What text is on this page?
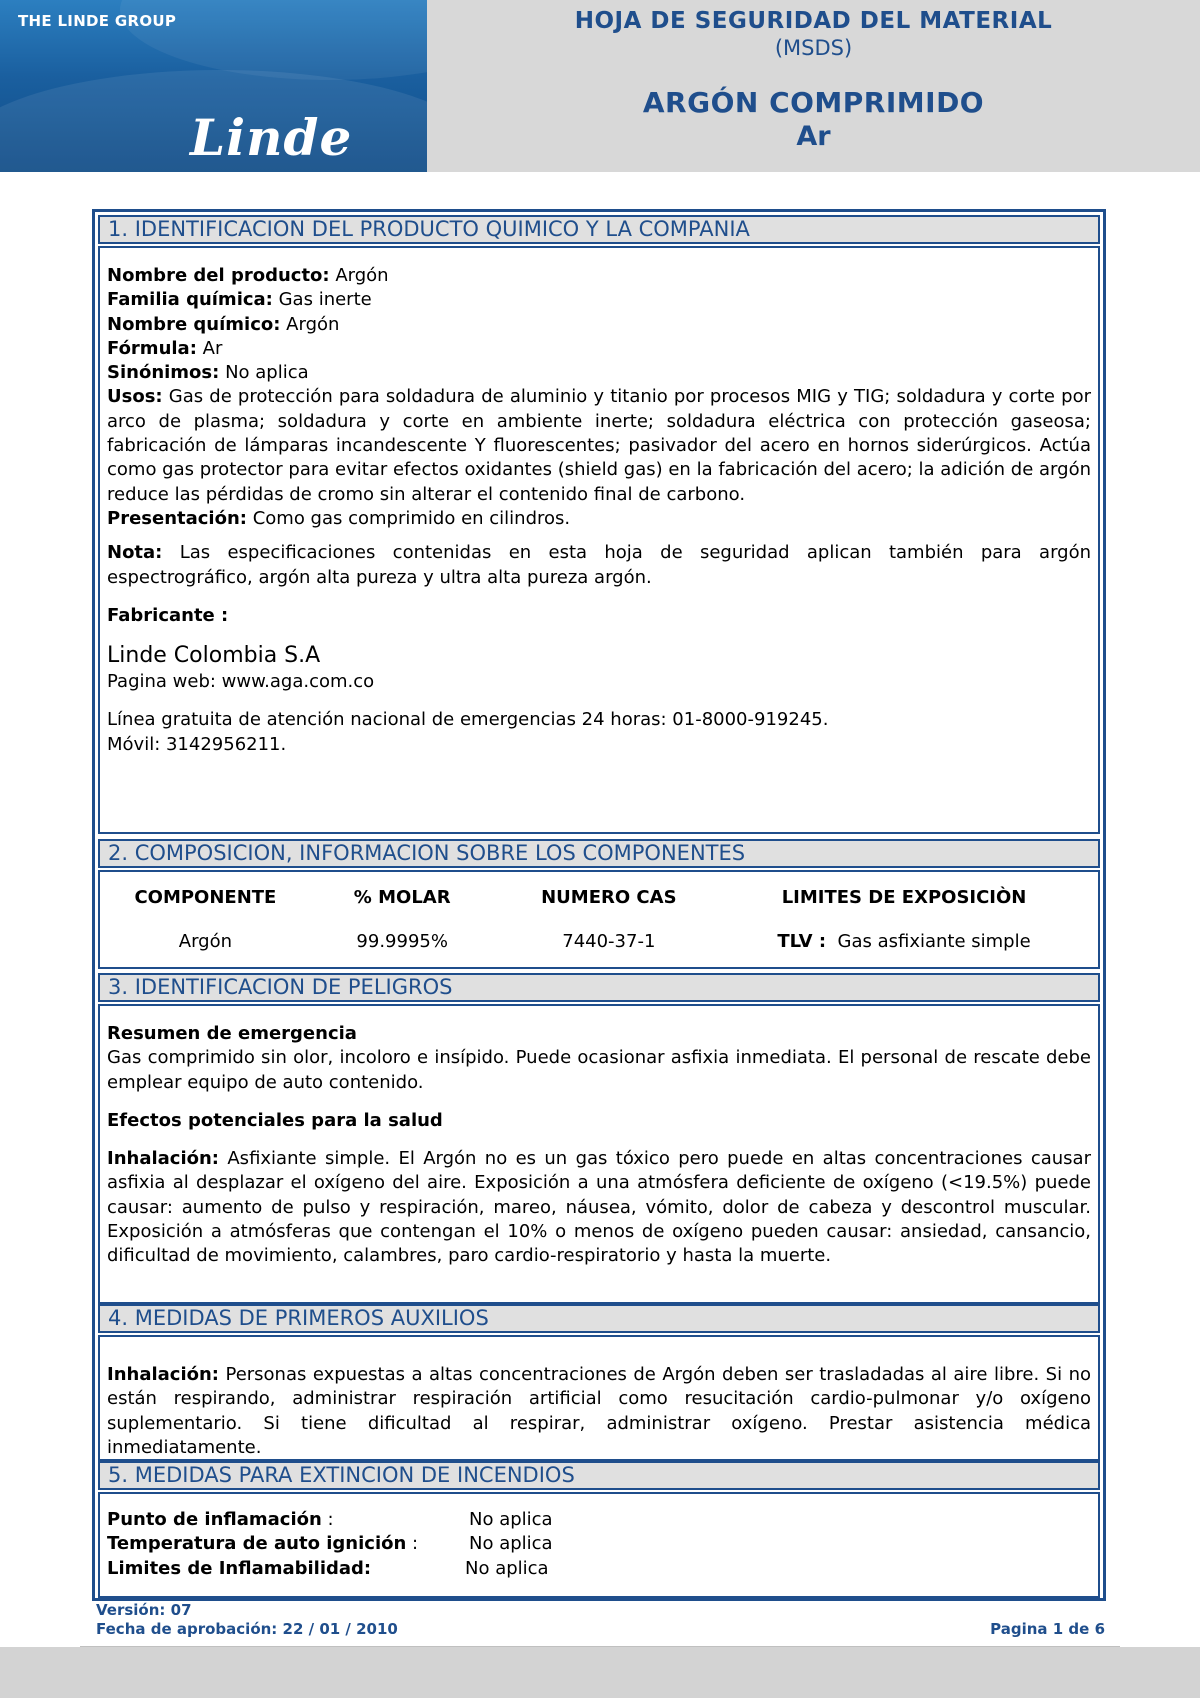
THE LINDE GROUP
Linde
HOJA DE SEGURIDAD DEL MATERIAL
(MSDS)
ARGÓN COMPRIMIDO
Ar
1. IDENTIFICACION DEL PRODUCTO QUIMICO Y LA COMPANIA

Nombre del producto: Argón

Familia química: Gas inerte

Nombre químico: Argón

Fórmula: Ar

Sinónimos: No aplica

Usos: Gas de protección para soldadura de aluminio y titanio por procesos MIG y TIG; soldadura y corte por arco de plasma; soldadura y corte en ambiente inerte; soldadura eléctrica con protección gaseosa; fabricación de lámparas incandescente Y fluorescentes; pasivador del acero en hornos siderúrgicos. Actúa como gas protector para evitar efectos oxidantes (shield gas) en la fabricación del acero; la adición de argón reduce las pérdidas de cromo sin alterar el contenido final de carbono.

Presentación: Como gas comprimido en cilindros.

Nota: Las especificaciones contenidas en esta hoja de seguridad aplican también para argón espectrográfico, argón alta pureza y ultra alta pureza argón.

Fabricante :

Linde Colombia S.A

Pagina web: www.aga.com.co

Línea gratuita de atención nacional de emergencias 24 horas: 01-8000-919245.

Móvil: 3142956211.

2. COMPOSICION, INFORMACION SOBRE LOS COMPONENTES
COMPONENTE	% MOLAR	NUMERO CAS	LIMITES DE EXPOSICIÒN
Argón	99.9995%	7440-37-1	TLV : Gas asfixiante simple
3. IDENTIFICACION DE PELIGROS

Resumen de emergencia

Gas comprimido sin olor, incoloro e insípido. Puede ocasionar asfixia inmediata. El personal de rescate debe emplear equipo de auto contenido.

Efectos potenciales para la salud

Inhalación: Asfixiante simple. El Argón no es un gas tóxico pero puede en altas concentraciones causar asfixia al desplazar el oxígeno del aire. Exposición a una atmósfera deficiente de oxígeno (<19.5%) puede causar: aumento de pulso y respiración, mareo, náusea, vómito, dolor de cabeza y descontrol muscular. Exposición a atmósferas que contengan el 10% o menos de oxígeno pueden causar: ansiedad, cansancio, dificultad de movimiento, calambres, paro cardio-respiratorio y hasta la muerte.

4. MEDIDAS DE PRIMEROS AUXILIOS

Inhalación: Personas expuestas a altas concentraciones de Argón deben ser trasladadas al aire libre. Si no están respirando, administrar respiración artificial como resucitación cardio-pulmonar y/o oxígeno suplementario. Si tiene dificultad al respirar, administrar oxígeno. Prestar asistencia médica inmediatamente.

5. MEDIDAS PARA EXTINCION DE INCENDIOS
Punto de inflamación :	No aplica
Temperatura de auto ignición :	No aplica
Limites de Inflamabilidad:	No aplica
Versión: 07
Fecha de aprobación: 22 / 01 / 2010	Pagina 1 de 6
